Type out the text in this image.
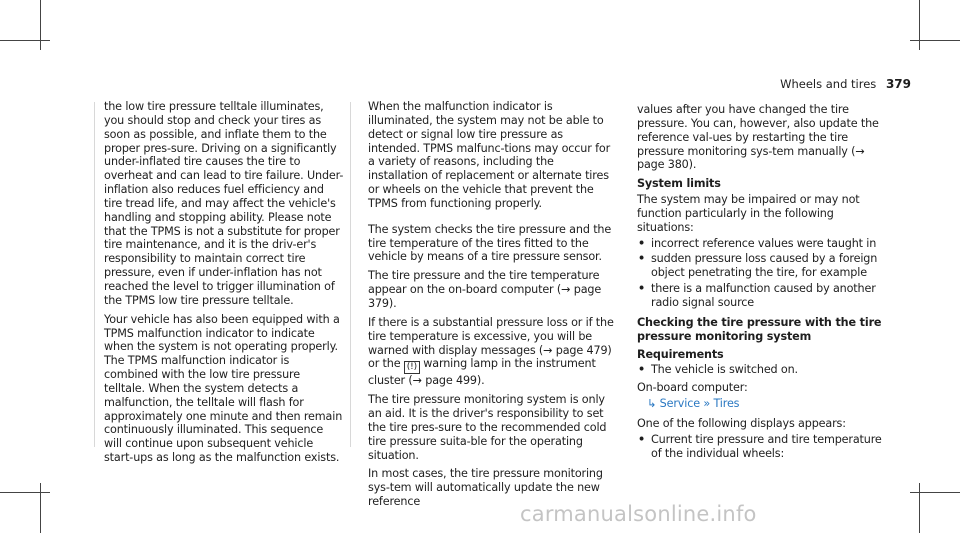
Wheels and tires 379

the low tire pressure telltale illuminates, you should stop and check your tires as soon as possible, and inflate them to the proper pres-sure. Driving on a significantly under-inflated tire causes the tire to overheat and can lead to tire failure. Under-inflation also reduces fuel efficiency and tire tread life, and may affect the vehicle's handling and stopping ability. Please note that the TPMS is not a substitute for proper tire maintenance, and it is the driv-er's responsibility to maintain correct tire pressure, even if under-inflation has not reached the level to trigger illumination of the TPMS low tire pressure telltale.

Your vehicle has also been equipped with a TPMS malfunction indicator to indicate when the system is not operating properly. The TPMS malfunction indicator is combined with the low tire pressure telltale. When the system detects a malfunction, the telltale will flash for approximately one minute and then remain continuously illuminated. This sequence will continue upon subsequent vehicle start-ups as long as the malfunction exists.

When the malfunction indicator is illuminated, the system may not be able to detect or signal low tire pressure as intended. TPMS malfunc-tions may occur for a variety of reasons, including the installation of replacement or alternate tires or wheels on the vehicle that prevent the TPMS from functioning properly.

The system checks the tire pressure and the tire temperature of the tires fitted to the vehicle by means of a tire pressure sensor.

The tire pressure and the tire temperature appear on the on-board computer (→ page 379).

If there is a substantial pressure loss or if the tire temperature is excessive, you will be warned with display messages (→ page 479) or the (!) warning lamp in the instrument cluster (→ page 499).

The tire pressure monitoring system is only an aid. It is the driver's responsibility to set the tire pres-sure to the recommended cold tire pressure suita-ble for the operating situation.

In most cases, the tire pressure monitoring sys-tem will automatically update the new reference

values after you have changed the tire pressure. You can, however, also update the reference val-ues by restarting the tire pressure monitoring sys-tem manually (→ page 380).

System limits

The system may be impaired or may not function particularly in the following situations:

• incorrect reference values were taught in
• sudden pressure loss caused by a foreign object penetrating the tire, for example
• there is a malfunction caused by another radio signal source
Checking the tire pressure with the tire pressure monitoring system
Requirements
• The vehicle is switched on.

On-board computer:

↳ Service » Tires

One of the following displays appears:

• Current tire pressure and tire temperature of the individual wheels:
carmanualsonline.info
